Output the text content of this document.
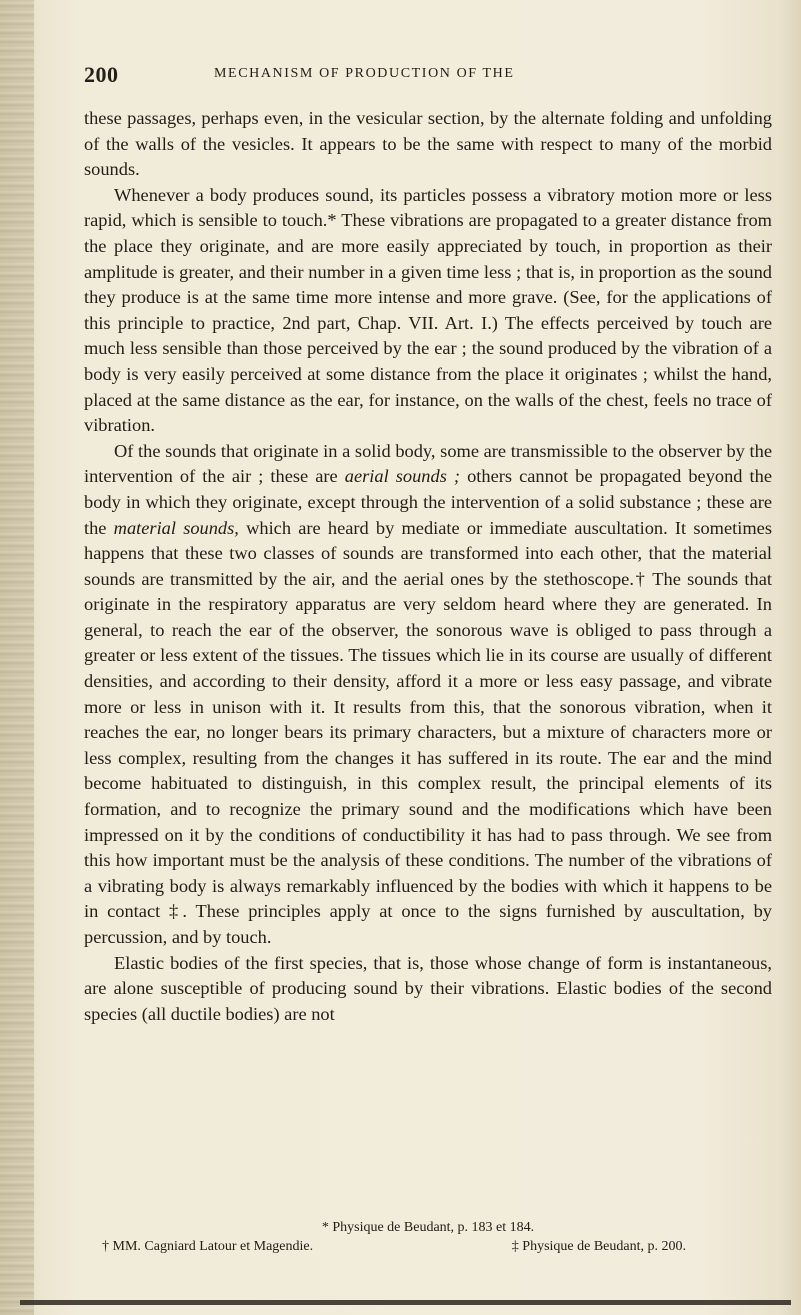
200	MECHANISM OF PRODUCTION OF THE

these passages, perhaps even, in the vesicular section, by the alternate folding and unfolding of the walls of the vesicles. It appears to be the same with respect to many of the morbid sounds.

Whenever a body produces sound, its particles possess a vibratory motion more or less rapid, which is sensible to touch.* These vibrations are propagated to a greater distance from the place they originate, and are more easily appreciated by touch, in proportion as their amplitude is greater, and their number in a given time less ; that is, in proportion as the sound they produce is at the same time more intense and more grave. (See, for the applications of this principle to practice, 2nd part, Chap. VII. Art. I.) The effects perceived by touch are much less sensible than those perceived by the ear ; the sound produced by the vibration of a body is very easily perceived at some distance from the place it originates ; whilst the hand, placed at the same distance as the ear, for instance, on the walls of the chest, feels no trace of vibration.

Of the sounds that originate in a solid body, some are transmissible to the observer by the intervention of the air ; these are aerial sounds ; others cannot be propagated beyond the body in which they originate, except through the intervention of a solid substance ; these are the material sounds, which are heard by mediate or immediate auscultation. It sometimes happens that these two classes of sounds are transformed into each other, that the material sounds are transmitted by the air, and the aerial ones by the stethoscope.† The sounds that originate in the respiratory apparatus are very seldom heard where they are generated. In general, to reach the ear of the observer, the sonorous wave is obliged to pass through a greater or less extent of the tissues. The tissues which lie in its course are usually of different densities, and according to their density, afford it a more or less easy passage, and vibrate more or less in unison with it. It results from this, that the sonorous vibration, when it reaches the ear, no longer bears its primary characters, but a mixture of characters more or less complex, resulting from the changes it has suffered in its route. The ear and the mind become habituated to distinguish, in this complex result, the principal elements of its formation, and to recognize the primary sound and the modifications which have been impressed on it by the conditions of conductibility it has had to pass through. We see from this how important must be the analysis of these conditions. The number of the vibrations of a vibrating body is always remarkably influenced by the bodies with which it happens to be in contact ‡. These principles apply at once to the signs furnished by auscultation, by percussion, and by touch.

Elastic bodies of the first species, that is, those whose change of form is instantaneous, are alone susceptible of producing sound by their vibrations. Elastic bodies of the second species (all ductile bodies) are not

* Physique de Beudant, p. 183 et 184.
† MM. Cagniard Latour et Magendie.	‡ Physique de Beudant, p. 200.
